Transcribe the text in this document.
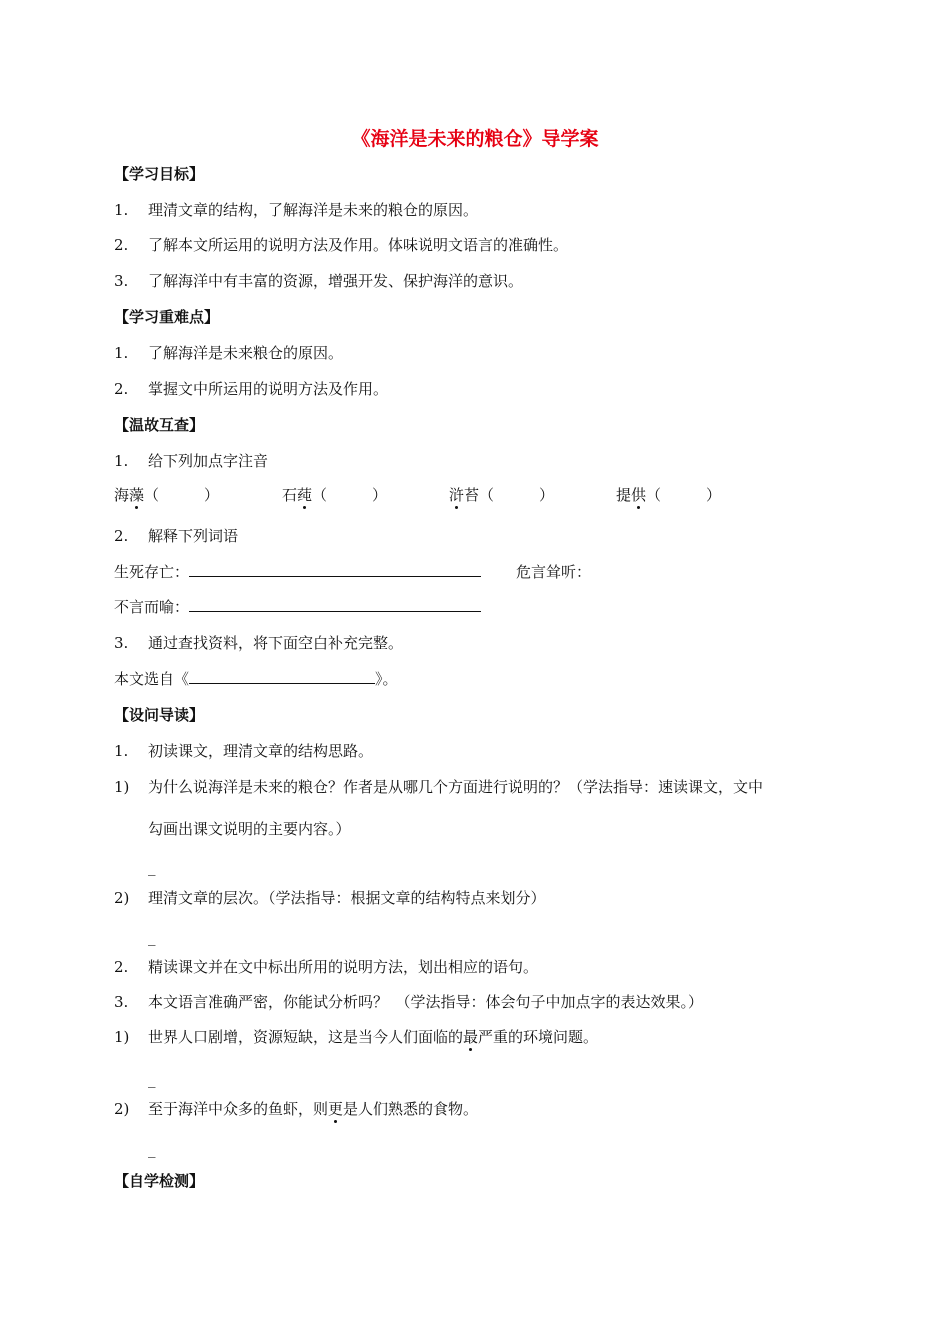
《海洋是未来的粮仓》导学案
【学习目标】
1. 理清文章的结构，了解海洋是未来的粮仓的原因。
2. 了解本文所运用的说明方法及作用。体味说明文语言的准确性。
3. 了解海洋中有丰富的资源，增强开发、保护海洋的意识。
【学习重难点】
1. 了解海洋是未来粮仓的原因。
2. 掌握文中所运用的说明方法及作用。
【温故互查】
1. 给下列加点字注音
海藻（　　　）	石莼（　　　）	浒苔（　　　）	提供（　　　）
2. 解释下列词语
生死存亡：	危言耸听：
不言而喻：
3. 通过查找资料，将下面空白补充完整。
本文选自《	》。
【设问导读】
1. 初读课文，理清文章的结构思路。
1) 为什么说海洋是未来的粮仓？作者是从哪几个方面进行说明的？（学法指导：速读课文，文中
勾画出课文说明的主要内容。）
_
2) 理清文章的层次。（学法指导：根据文章的结构特点来划分）
_
2. 精读课文并在文中标出所用的说明方法，划出相应的语句。
3. 本文语言准确严密，你能试分析吗？　（学法指导：体会句子中加点字的表达效果。）
1) 世界人口剧增，资源短缺，这是当今人们面临的最严重的环境问题。
_
2) 至于海洋中众多的鱼虾，则更是人们熟悉的食物。
_
【自学检测】
